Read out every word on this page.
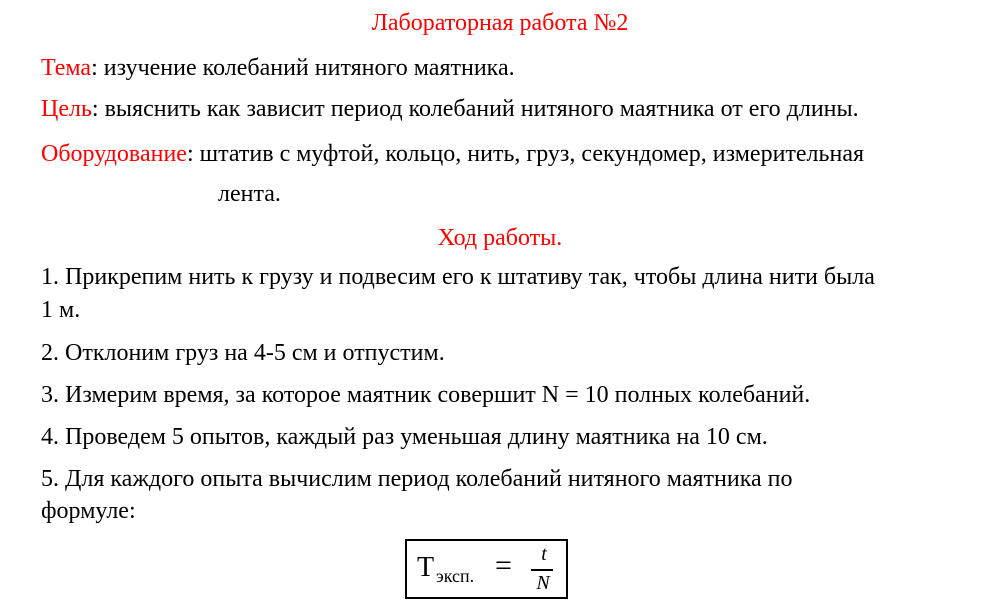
Лабораторная работа №2
Тема: изучение колебаний нитяного маятника.
Цель: выяснить как зависит период колебаний нитяного маятника от его длины.
Оборудование: штатив с муфтой, кольцо, нить, груз, секундомер, измерительная
лента.
Ход работы.
1. Прикрепим нить к грузу и подвесим его к штативу так, чтобы длина нити была
1 м.
2. Отклоним груз на 4-5 см и отпустим.
3. Измерим время, за которое маятник совершит N = 10 полных колебаний.
4. Проведем 5 опытов, каждый раз уменьшая длину маятника на 10 см.
5. Для каждого опыта вычислим период колебаний нитяного маятника по
формуле:
T эксп. =	t
N
